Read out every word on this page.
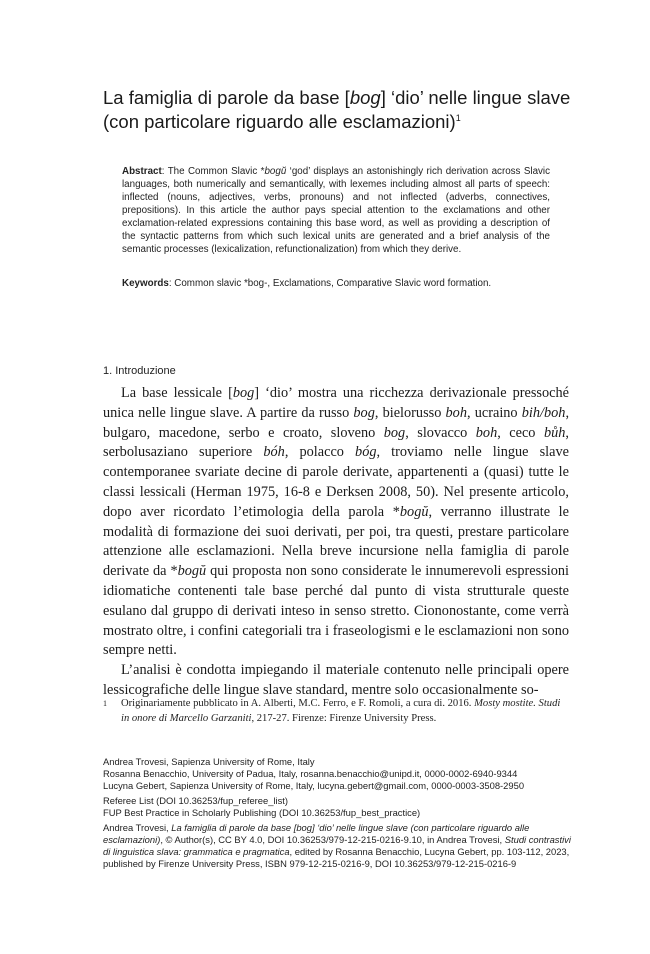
La famiglia di parole da base [bog] ‘dio’ nelle lingue slave (con particolare riguardo alle esclamazioni)$^1$
Abstract: The Common Slavic *bogŭ ‘god’ displays an astonishingly rich derivation across Slavic languages, both numerically and semantically, with lexemes including almost all parts of speech: inflected (nouns, adjectives, verbs, pronouns) and not inflected (adverbs, connectives, prepositions). In this article the author pays special attention to the exclamations and other exclamation-related expressions containing this base word, as well as providing a description of the syntactic patterns from which such lexical units are generated and a brief analysis of the semantic processes (lexicalization, refunctionalization) from which they derive.
Keywords: Common slavic *bog-, Exclamations, Comparative Slavic word formation.
1. Introduzione

La base lessicale [bog] ‘dio’ mostra una ricchezza derivazionale pressoché unica nelle lingue slave. A partire da russo bog, bielorusso boh, ucraino bih/boh, bulgaro, macedone, serbo e croato, sloveno bog, slovacco boh, ceco bůh, serbolusaziano superiore bóh, polacco bóg, troviamo nelle lingue slave contemporanee svariate decine di parole derivate, appartenenti a (quasi) tutte le classi lessicali (Herman 1975, 16-8 e Derksen 2008, 50). Nel presente articolo, dopo aver ricordato l’etimologia della parola *bogŭ, verranno illustrate le modalità di formazione dei suoi derivati, per poi, tra questi, prestare particolare attenzione alle esclamazioni. Nella breve incursione nella famiglia di parole derivate da *bogŭ qui proposta non sono considerate le innumerevoli espressioni idiomatiche contenenti tale base perché dal punto di vista strutturale queste esulano dal gruppo di derivati inteso in senso stretto. Ciononostante, come verrà mostrato oltre, i confini categoriali tra i fraseologismi e le esclamazioni non sono sempre netti.

L’analisi è condotta impiegando il materiale contenuto nelle principali opere lessicografiche delle lingue slave standard, mentre solo occasionalmente so-

1	Originariamente pubblicato in A. Alberti, M.C. Ferro, e F. Romoli, a cura di. 2016. Mosty mostite. Studi in onore di Marcello Garzaniti, 217-27. Firenze: Firenze University Press.
Andrea Trovesi, Sapienza University of Rome, Italy
Rosanna Benacchio, University of Padua, Italy, rosanna.benacchio@unipd.it, 0000-0002-6940-9344
Lucyna Gebert, Sapienza University of Rome, Italy, lucyna.gebert@gmail.com, 0000-0003-3508-2950
Referee List (DOI 10.36253/fup_referee_list)
FUP Best Practice in Scholarly Publishing (DOI 10.36253/fup_best_practice)
Andrea Trovesi, La famiglia di parole da base [bog] ‘dio’ nelle lingue slave (con particolare riguardo alle esclamazioni), © Author(s), CC BY 4.0, DOI 10.36253/979-12-215-0216-9.10, in Andrea Trovesi, Studi contrastivi di linguistica slava: grammatica e pragmatica, edited by Rosanna Benacchio, Lucyna Gebert, pp. 103-112, 2023, published by Firenze University Press, ISBN 979-12-215-0216-9, DOI 10.36253/979-12-215-0216-9
